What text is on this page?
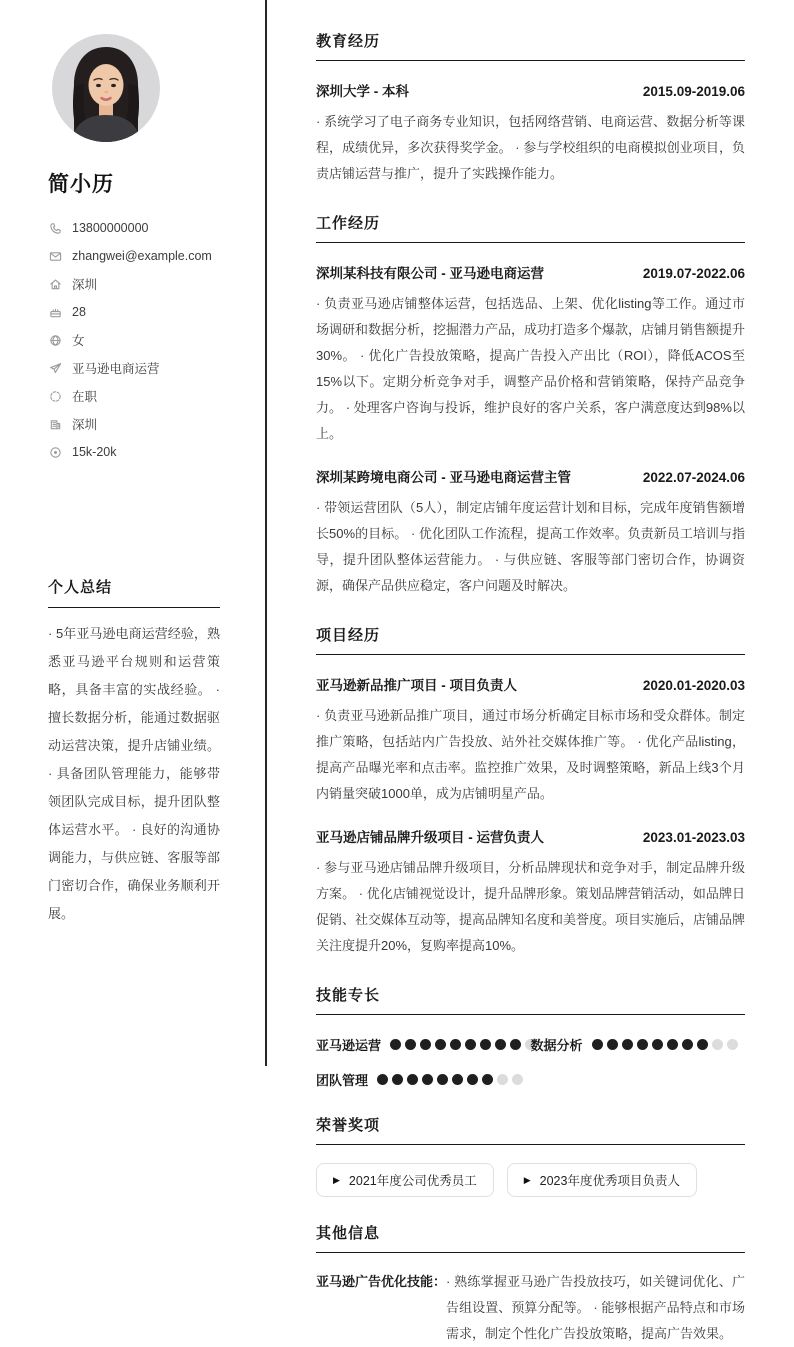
简小历
13800000000
zhangwei@example.com
深圳
28
女
亚马逊电商运营
在职
深圳
15k-20k
个人总结

· 5年亚马逊电商运营经验，熟悉亚马逊平台规则和运营策略，具备丰富的实战经验。 · 擅长数据分析，能通过数据驱动运营决策，提升店铺业绩。 · 具备团队管理能力，能够带领团队完成目标，提升团队整体运营水平。 · 良好的沟通协调能力，与供应链、客服等部门密切合作，确保业务顺利开展。

教育经历
深圳大学 - 本科	2015.09-2019.06

· 系统学习了电子商务专业知识，包括网络营销、电商运营、数据分析等课程，成绩优异，多次获得奖学金。 · 参与学校组织的电商模拟创业项目，负责店铺运营与推广，提升了实践操作能力。

工作经历
深圳某科技有限公司 - 亚马逊电商运营	2019.07-2022.06

· 负责亚马逊店铺整体运营，包括选品、上架、优化listing等工作。通过市场调研和数据分析，挖掘潜力产品，成功打造多个爆款，店铺月销售额提升30%。 · 优化广告投放策略，提高广告投入产出比（ROI），降低ACOS至15%以下。定期分析竞争对手，调整产品价格和营销策略，保持产品竞争力。 · 处理客户咨询与投诉，维护良好的客户关系，客户满意度达到98%以上。

深圳某跨境电商公司 - 亚马逊电商运营主管	2022.07-2024.06

· 带领运营团队（5人），制定店铺年度运营计划和目标，完成年度销售额增长50%的目标。 · 优化团队工作流程，提高工作效率。负责新员工培训与指导，提升团队整体运营能力。 · 与供应链、客服等部门密切合作，协调资源，确保产品供应稳定，客户问题及时解决。

项目经历
亚马逊新品推广项目 - 项目负责人	2020.01-2020.03

· 负责亚马逊新品推广项目，通过市场分析确定目标市场和受众群体。制定推广策略，包括站内广告投放、站外社交媒体推广等。 · 优化产品listing，提高产品曝光率和点击率。监控推广效果，及时调整策略，新品上线3个月内销量突破1000单，成为店铺明星产品。

亚马逊店铺品牌升级项目 - 运营负责人	2023.01-2023.03

· 参与亚马逊店铺品牌升级项目，分析品牌现状和竞争对手，制定品牌升级方案。 · 优化店铺视觉设计，提升品牌形象。策划品牌营销活动，如品牌日促销、社交媒体互动等，提高品牌知名度和美誉度。项目实施后，店铺品牌关注度提升20%，复购率提高10%。

技能专长
亚马逊运营	数据分析
团队管理
荣誉奖项
▶ 2021年度公司优秀员工	▶ 2023年度优秀项目负责人
其他信息
亚马逊广告优化技能： · 熟练掌握亚马逊广告投放技巧，如关键词优化、广告组设置、预算分配等。 · 能够根据产品特点和市场需求，制定个性化广告投放策略，提高广告效果。
